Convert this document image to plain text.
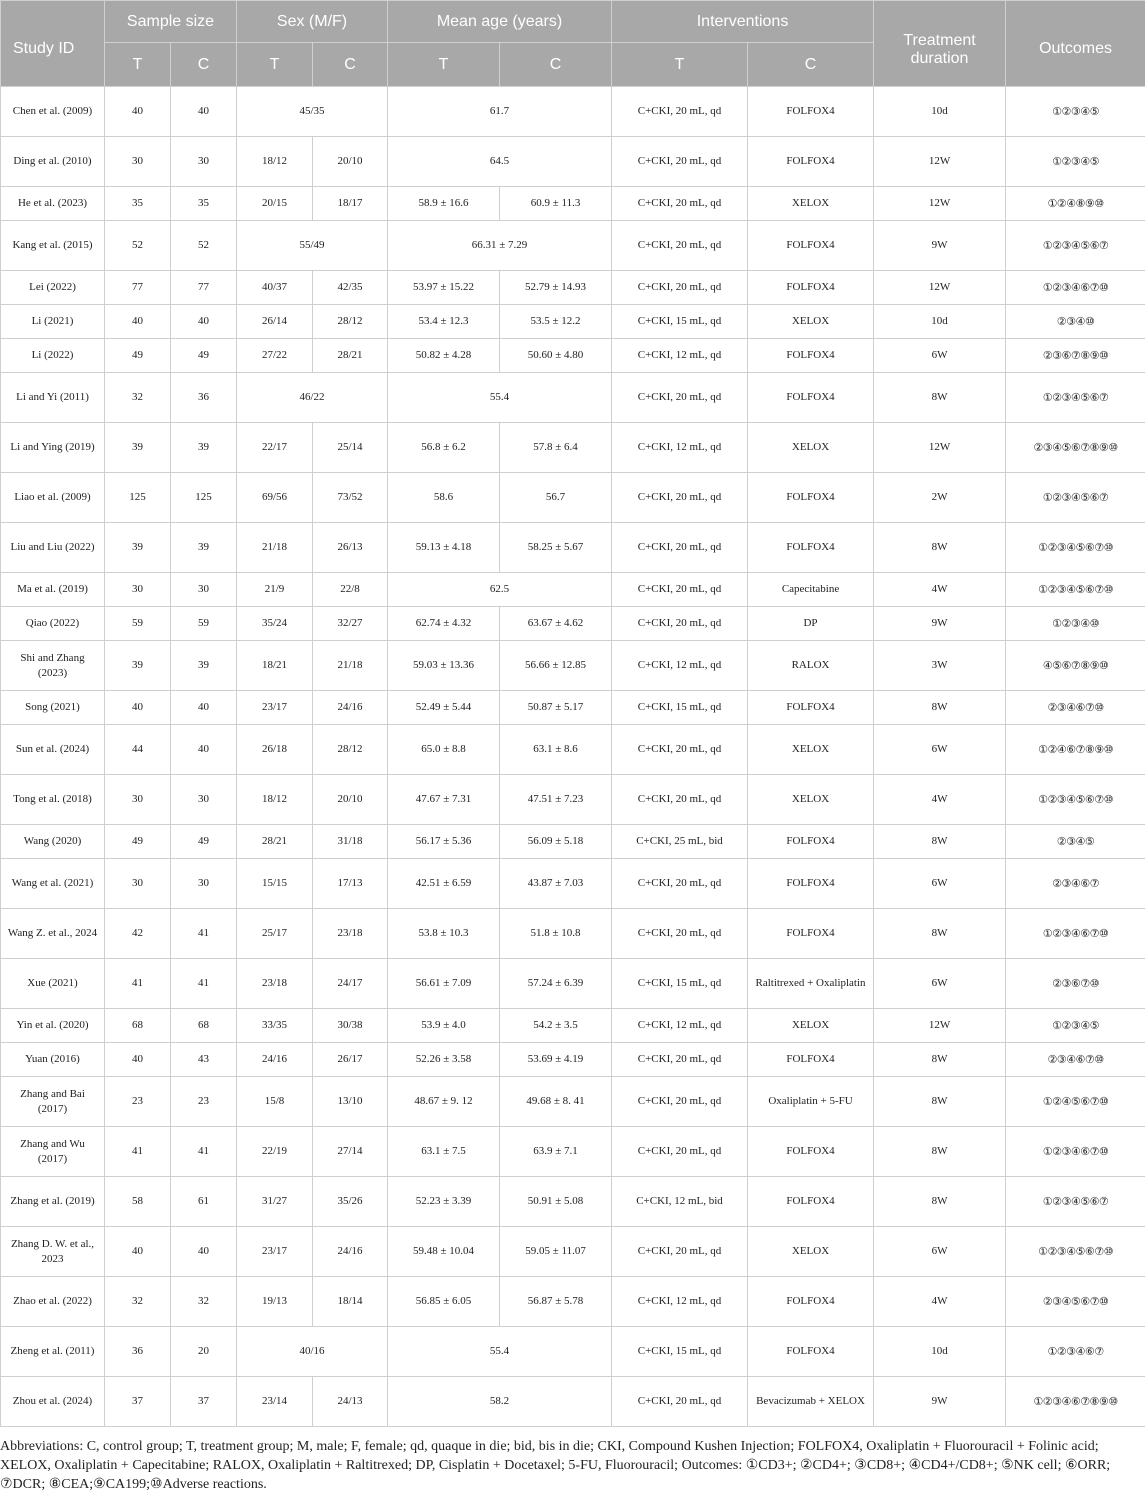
Study ID	Sample size		Sex (M/F)		Mean age (years)		Interventions		Treatment duration	Outcomes
	T	C	T	C	T	C	T	C		
Chen et al. (2009)	40	40	45/35		61.7		C+CKI, 20 mL, qd	FOLFOX4	10d	①②③④⑤
Ding et al. (2010)	30	30	18/12	20/10	64.5		C+CKI, 20 mL, qd	FOLFOX4	12W	①②③④⑤
He et al. (2023)	35	35	20/15	18/17	58.9 ± 16.6	60.9 ± 11.3	C+CKI, 20 mL, qd	XELOX	12W	①②④⑧⑨⑩
Kang et al. (2015)	52	52	55/49		66.31 ± 7.29		C+CKI, 20 mL, qd	FOLFOX4	9W	①②③④⑤⑥⑦
Lei (2022)	77	77	40/37	42/35	53.97 ± 15.22	52.79 ± 14.93	C+CKI, 20 mL, qd	FOLFOX4	12W	①②③④⑥⑦⑩
Li (2021)	40	40	26/14	28/12	53.4 ± 12.3	53.5 ± 12.2	C+CKI, 15 mL, qd	XELOX	10d	②③④⑩
Li (2022)	49	49	27/22	28/21	50.82 ± 4.28	50.60 ± 4.80	C+CKI, 12 mL, qd	FOLFOX4	6W	②③⑥⑦⑧⑨⑩
Li and Yi (2011)	32	36	46/22		55.4		C+CKI, 20 mL, qd	FOLFOX4	8W	①②③④⑤⑥⑦
Li and Ying (2019)	39	39	22/17	25/14	56.8 ± 6.2	57.8 ± 6.4	C+CKI, 12 mL, qd	XELOX	12W	②③④⑤⑥⑦⑧⑨⑩
Liao et al. (2009)	125	125	69/56	73/52	58.6	56.7	C+CKI, 20 mL, qd	FOLFOX4	2W	①②③④⑤⑥⑦
Liu and Liu (2022)	39	39	21/18	26/13	59.13 ± 4.18	58.25 ± 5.67	C+CKI, 20 mL, qd	FOLFOX4	8W	①②③④⑤⑥⑦⑩
Ma et al. (2019)	30	30	21/9	22/8	62.5		C+CKI, 20 mL, qd	Capecitabine	4W	①②③④⑤⑥⑦⑩
Qiao (2022)	59	59	35/24	32/27	62.74 ± 4.32	63.67 ± 4.62	C+CKI, 20 mL, qd	DP	9W	①②③④⑩
Shi and Zhang (2023)	39	39	18/21	21/18	59.03 ± 13.36	56.66 ± 12.85	C+CKI, 12 mL, qd	RALOX	3W	④⑤⑥⑦⑧⑨⑩
Song (2021)	40	40	23/17	24/16	52.49 ± 5.44	50.87 ± 5.17	C+CKI, 15 mL, qd	FOLFOX4	8W	②③④⑥⑦⑩
Sun et al. (2024)	44	40	26/18	28/12	65.0 ± 8.8	63.1 ± 8.6	C+CKI, 20 mL, qd	XELOX	6W	①②④⑥⑦⑧⑨⑩
Tong et al. (2018)	30	30	18/12	20/10	47.67 ± 7.31	47.51 ± 7.23	C+CKI, 20 mL, qd	XELOX	4W	①②③④⑤⑥⑦⑩
Wang (2020)	49	49	28/21	31/18	56.17 ± 5.36	56.09 ± 5.18	C+CKI, 25 mL, bid	FOLFOX4	8W	②③④⑤
Wang et al. (2021)	30	30	15/15	17/13	42.51 ± 6.59	43.87 ± 7.03	C+CKI, 20 mL, qd	FOLFOX4	6W	②③④⑥⑦
Wang Z. et al., 2024	42	41	25/17	23/18	53.8 ± 10.3	51.8 ± 10.8	C+CKI, 20 mL, qd	FOLFOX4	8W	①②③④⑥⑦⑩
Xue (2021)	41	41	23/18	24/17	56.61 ± 7.09	57.24 ± 6.39	C+CKI, 15 mL, qd	Raltitrexed + Oxaliplatin	6W	②③⑥⑦⑩
Yin et al. (2020)	68	68	33/35	30/38	53.9 ± 4.0	54.2 ± 3.5	C+CKI, 12 mL, qd	XELOX	12W	①②③④⑤
Yuan (2016)	40	43	24/16	26/17	52.26 ± 3.58	53.69 ± 4.19	C+CKI, 20 mL, qd	FOLFOX4	8W	②③④⑥⑦⑩
Zhang and Bai (2017)	23	23	15/8	13/10	48.67 ± 9. 12	49.68 ± 8. 41	C+CKI, 20 mL, qd	Oxaliplatin + 5-FU	8W	①②④⑤⑥⑦⑩
Zhang and Wu (2017)	41	41	22/19	27/14	63.1 ± 7.5	63.9 ± 7.1	C+CKI, 20 mL, qd	FOLFOX4	8W	①②③④⑥⑦⑩
Zhang et al. (2019)	58	61	31/27	35/26	52.23 ± 3.39	50.91 ± 5.08	C+CKI, 12 mL, bid	FOLFOX4	8W	①②③④⑤⑥⑦
Zhang D. W. et al., 2023	40	40	23/17	24/16	59.48 ± 10.04	59.05 ± 11.07	C+CKI, 20 mL, qd	XELOX	6W	①②③④⑤⑥⑦⑩
Zhao et al. (2022)	32	32	19/13	18/14	56.85 ± 6.05	56.87 ± 5.78	C+CKI, 12 mL, qd	FOLFOX4	4W	②③④⑤⑥⑦⑩
Zheng et al. (2011)	36	20	40/16		55.4		C+CKI, 15 mL, qd	FOLFOX4	10d	①②③④⑥⑦
Zhou et al. (2024)	37	37	23/14	24/13	58.2		C+CKI, 20 mL, qd	Bevacizumab + XELOX	9W	①②③④⑥⑦⑧⑨⑩
Abbreviations: C, control group; T, treatment group; M, male; F, female; qd, quaque in die; bid, bis in die; CKI, Compound Kushen Injection; FOLFOX4, Oxaliplatin + Fluorouracil + Folinic acid; XELOX, Oxaliplatin + Capecitabine; RALOX, Oxaliplatin + Raltitrexed; DP, Cisplatin + Docetaxel; 5-FU, Fluorouracil; Outcomes: ①CD3+; ②CD4+; ③CD8+; ④CD4+/CD8+; ⑤NK cell; ⑥ORR; ⑦DCR; ⑧CEA;⑨CA199;⑩Adverse reactions.
